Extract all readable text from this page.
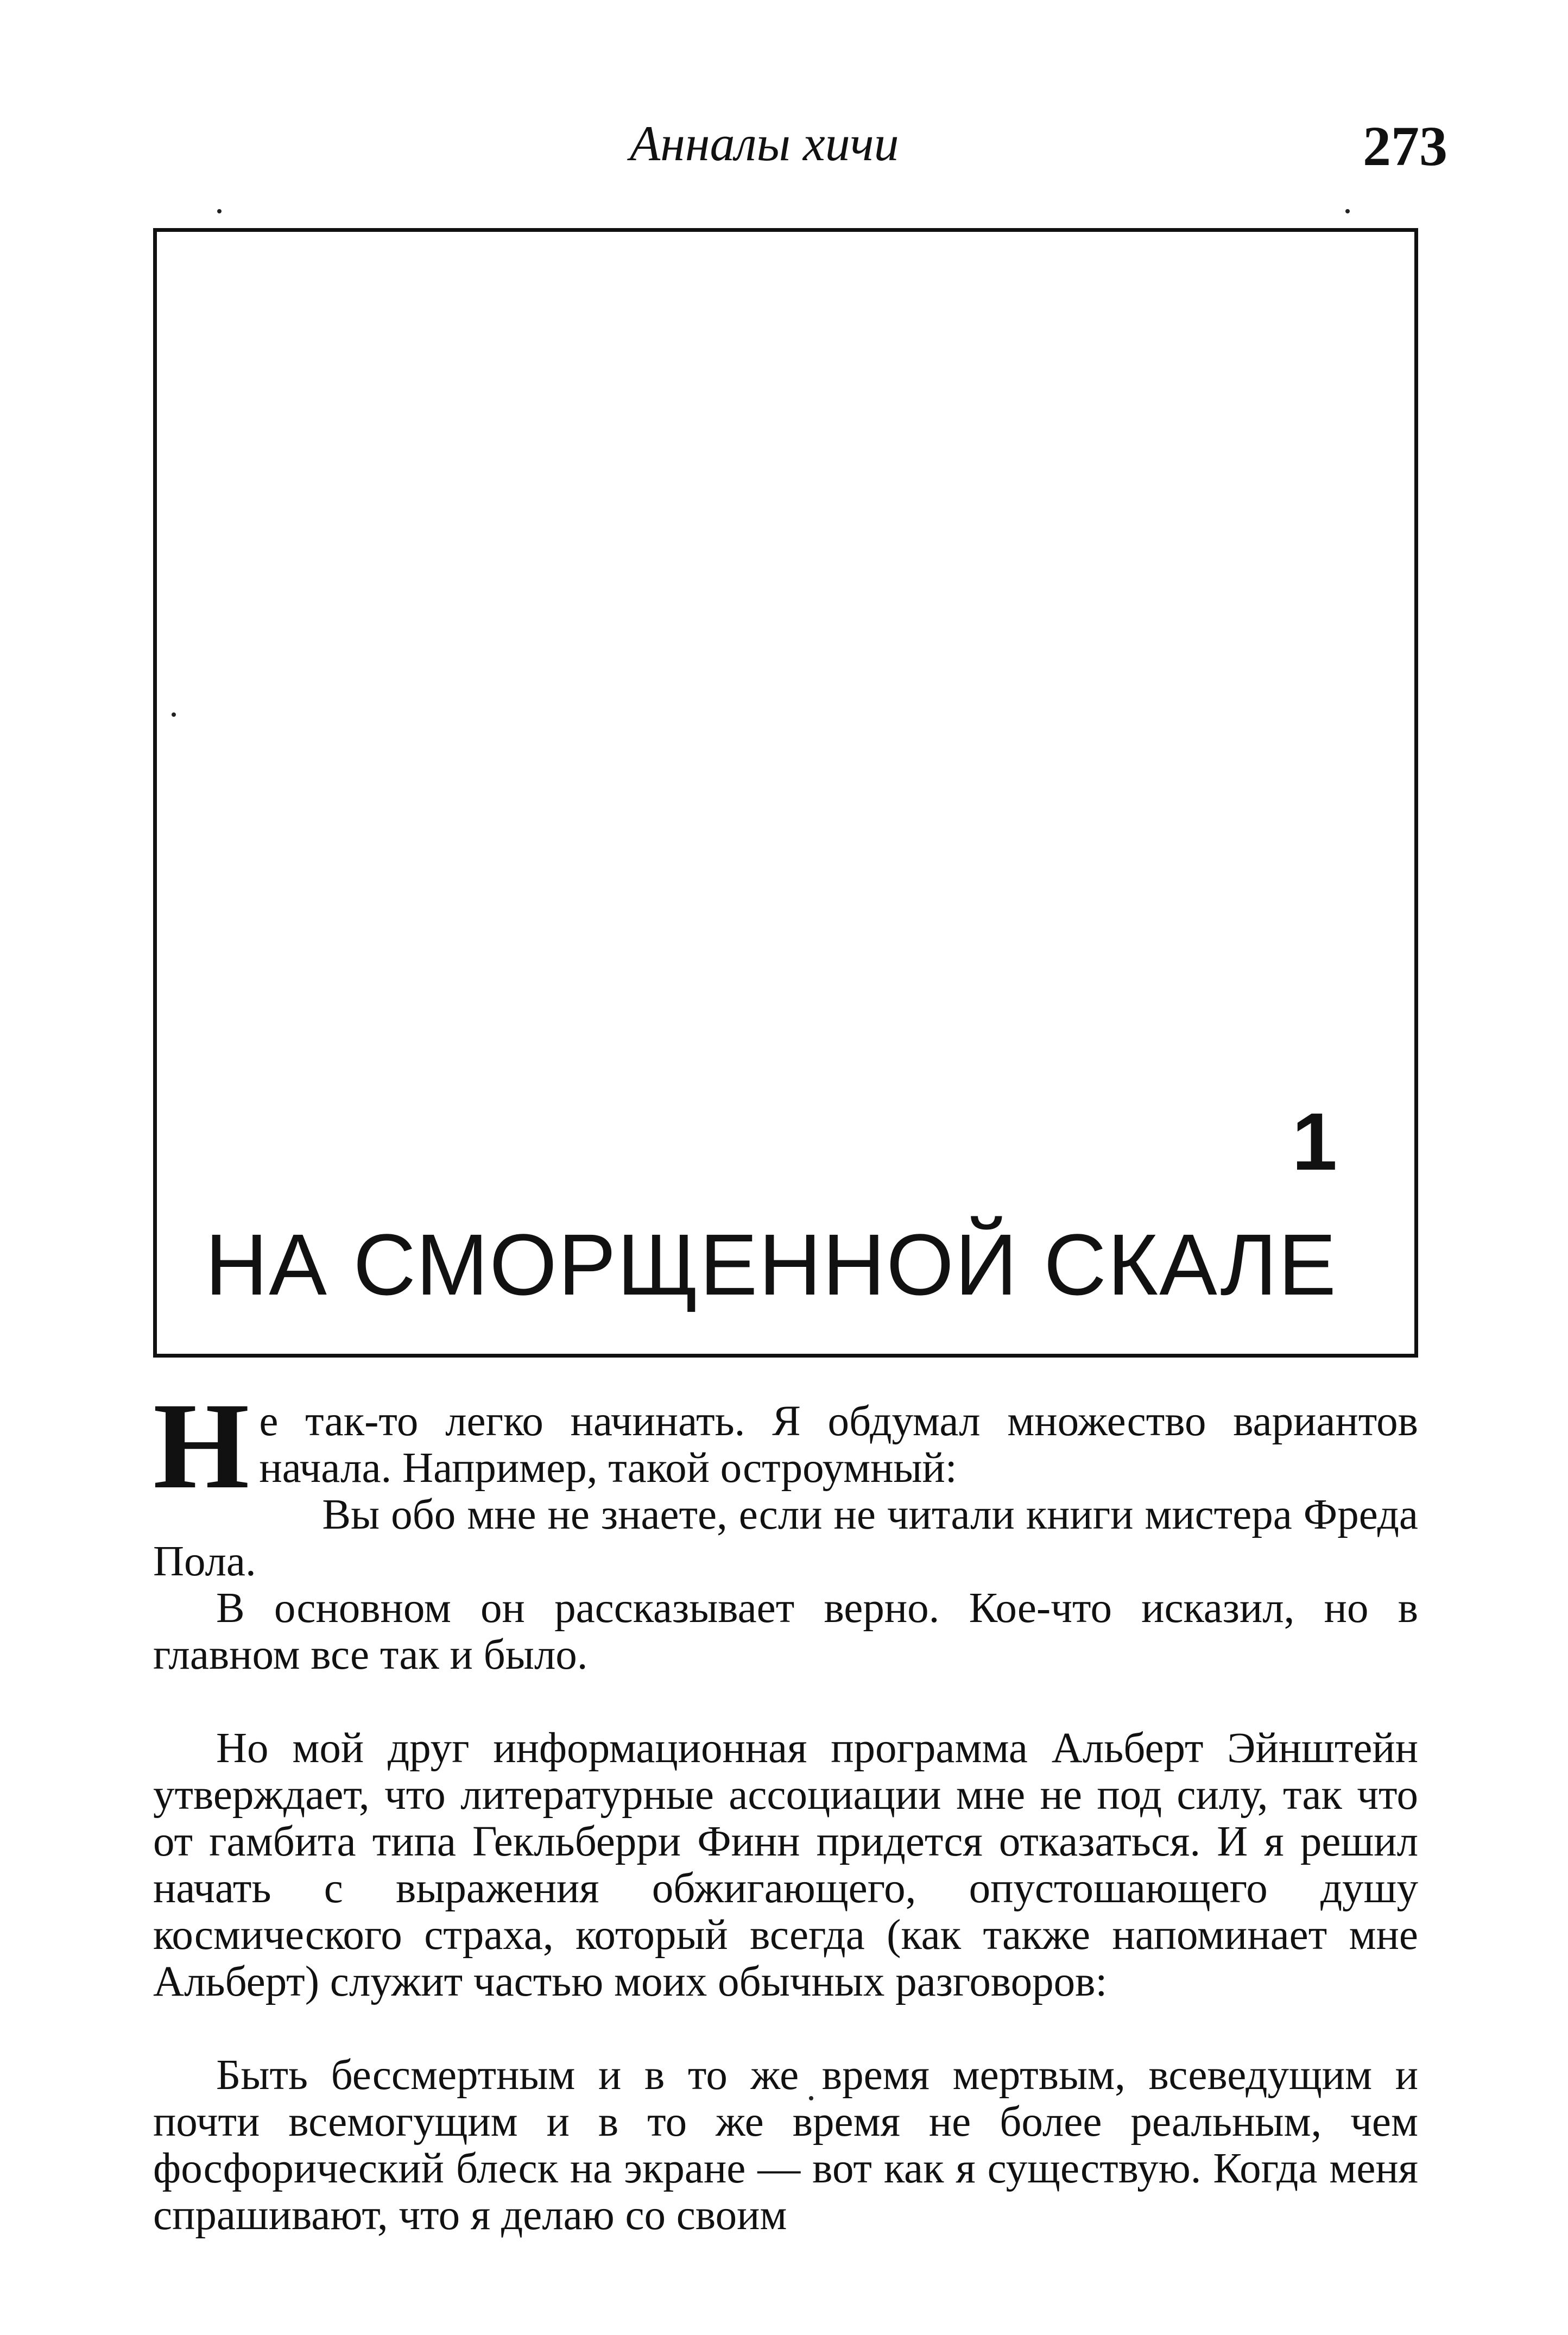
Анналы хичи	273
1
НА СМОРЩЕННОЙ СКАЛЕ

Не так-то легко начинать. Я обдумал множество вариантов начала. Например, такой остроумный:

Вы обо мне не знаете, если не читали книги мистера Фреда Пола.

В основном он рассказывает верно. Кое-что исказил, но в главном все так и было.

Но мой друг информационная программа Альберт Эйнштейн утверждает, что литературные ассоциации мне не под силу, так что от гамбита типа Гекльберри Финн придется отказаться. И я решил начать с выражения обжигающего, опустошающего душу космического страха, который всегда (как также напоминает мне Альберт) служит частью моих обычных разговоров:

Быть бессмертным и в то же время мертвым, всеведущим и почти всемогущим и в то же время не более реальным, чем фосфорический блеск на экране — вот как я существую. Когда меня спрашивают, что я делаю со своим
